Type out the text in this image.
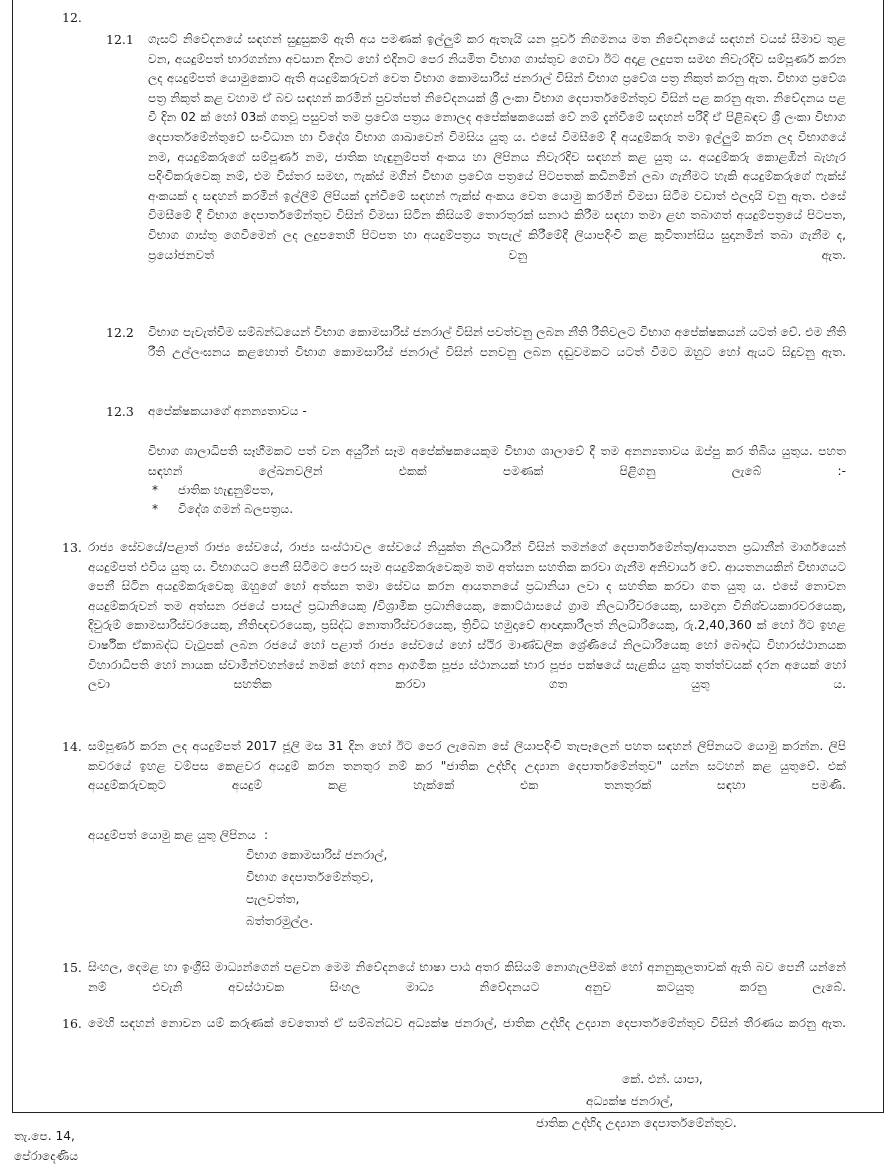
12.
12.1 ගැසට් නිවේදනයේ සඳහන් සුදුසුකම් ඇති අය පමණක් ඉල්ලුම් කර ඇතැයි යන පූර්ව නිගමනය මත නිවේදනයේ සඳහන් වයස් සීමාව තුළ වන, අයදුම්පත් භාරගන්නා අවසාන දිනට හෝ එදිනට පෙර නියමිත විභාග ගාස්තුව ගෙවා ඊට අදාළ ලදුපත සමඟ නිවැරදිව සම්පූර්ණ කරන ලද අයදුම්පත් යොමුකොට ඇති අයදුම්කරුවන් වෙත විභාග කොමසාරිස් ජනරාල් විසින් විභාග ප්‍රවේශ පත්‍ර නිකුත් කරනු ඇත. විභාග ප්‍රවේශ පත්‍ර නිකුත් කළ වහාම ඒ බව සඳහන් කරමින් පුවත්පත් නිවේදනයක් ශ්‍රී ලංකා විභාග දෙපාර්තමේන්තුව විසින් පළ කරනු ඇත. නිවේදනය පළ වී දින 02 ක් හෝ 03ක් ගතවූ පසුවත් තම ප්‍රවේශ පත්‍රය නොලද අපේක්ෂකයෙක් වේ නම් දැන්වීමේ සඳහන් පරිදි ඒ පිළිබඳව ශ්‍රී ලංකා විභාග දෙපාර්තමේන්තුවේ සංවිධාන හා විදේශ විභාග ශාඛාවෙන් විමසිය යුතු ය. එසේ විමසීමේ දී අයදුම්කරු තමා ඉල්ලුම් කරන ලද විභාගයේ නම, අයදුම්කරුගේ සම්පූර්ණ නම, ජාතික හැඳුනුම්පත් අංකය හා ලිපිනය නිවැරදිව සඳහන් කළ යුතු ය. අයදුම්කරු කොළඹින් බැහැර පදිංචිකරුවෙකු නම්, එම විස්තර සමඟ, ෆැක්ස් මගින් විභාග ප්‍රවේශ පත්‍රයේ පිටපතක් කඩිනමින් ලබා ගැනීමට හැකි අයදුම්කරුගේ ෆැක්ස් අංකයක් ද සඳහන් කරමින් ඉල්ලීම් ලිපියක් දැන්වීමේ සඳහන් ෆැක්ස් අංකය වෙත යොමු කරමින් විමසා සිටීම වඩාත් ඵලදායි වනු ඇත. එසේ විමසීමේ දී විභාග දෙපාර්තමේන්තුව විසින් විමසා සිටින කිසියම් තොරතුරක් සනාථ කිරීම සඳහා තමා ළඟ තබාගත් අයදුම්පත්‍රයේ පිටපත, විභාග ගාස්තු ගෙවීමෙන් ලද ලදුපතෙහි පිටපත හා අයදුම්පත්‍රය තැපැල් කිරීමේදී ලියාපදිංචි කළ කුවිතාන්සිය සුදානමින් තබා ගැනීම ද, ප්‍රයෝජනවත් වනු ඇත.
12.2 විභාග පැවැත්වීම සම්බන්ධයෙන් විභාග කොමසාරිස් ජනරාල් විසින් පවත්වනු ලබන නීති රීතිවලට විභාග අපේක්ෂකයන් යටත් වේ. එම නීති රීති උල්ලංඝනය කළහොත් විභාග කොමසාරිස් ජනරාල් විසින් පනවනු ලබන දඬුවමකට යටත් වීමට ඔහුට හෝ ඇයට සිදුවනු ඇත.
12.3 අපේක්ෂකයාගේ අනන්‍යතාවය -
විභාග ශාලාධිපති සෑහීමකට පත් වන අයුරින් සෑම අපේක්ෂකයෙකුම විභාග ශාලාවේ දී තම අනන්‍යතාවය ඔප්පු කර තිබිය යුතුය. පහත සඳහන් ලේඛනවලින් එකක් පමණක් පිළිගනු ලැබේ :-
* ජාතික හැඳුනුම්පත,
* විදේශ ගමන් බලපත්‍රය.
13. රාජ්‍ය සේවයේ/පළාත් රාජ්‍ය සේවයේ, රාජ්‍ය සංස්ථාවල සේවයේ නියුක්ත නිලධාරීන් විසින් තමන්ගේ දෙපාර්තමේන්තු/ආයතන ප්‍රධානීන් මාර්ගයෙන් අයදුම්පත් එවිය යුතු ය. විභාගයට පෙනී සිටීමට පෙර සෑම අයදුම්කරුවෙකුම තම අත්සන සහතික කරවා ගැනීම අනිවාර්ය වේ. ආයතනයකින් විභාගයට පෙනී සිටින අයදුම්කරුවෙකු ඔහුගේ හෝ අත්සන තමා සේවය කරන ආයතනයේ ප්‍රධානියා ලවා ද සහතික කරවා ගත යුතු ය. එසේ නොවන අයදුම්කරුවන් තම අත්සන රජයේ පාසල් ප්‍රධානියෙකු /විශ්‍රාමික ප්‍රධානියෙකු, කොට්ඨාසයේ ග්‍රාම නිලධාරිවරයෙකු, සාමදාන විනිශ්චයකාරවරයෙකු, දිවුරුම් කොමසාරිස්වරයෙකු, නීතිඥවරයෙකු, ප්‍රසිද්ධ නොතාරිස්වරයෙකු, ත්‍රිවිධ හමුදාවේ ආඥාකාරීලත් නිලධාරියෙකු, රු.2,40,360 ක් හෝ ඊට ඉහළ වාර්ෂික ඒකාබද්ධ වැටුපක් ලබන රජයේ හෝ පළාත් රාජ්‍ය සේවයේ හෝ ස්ථිර මාණ්ඩලික ශ්‍රේණියේ නිලධාරියෙකු හෝ බෞද්ධ විහාරස්ථානයක විහාරාධිපති හෝ නායක ස්වාමීන්වහන්සේ නමක් හෝ අන්‍ය ආගමික පූජ්‍ය ස්ථානයක් භාර පූජ්‍ය පක්ෂයේ සැළකිය යුතු තත්ත්වයක් දරන අයෙක් හෝ ලවා සහතික කරවා ගත යුතු ය.
14. සම්පූර්ණ කරන ලද අයදුම්පත් 2017 ජූලි මස 31 දින හෝ ඊට පෙර ලැබෙන සේ ලියාපදිංචි තැපෑලෙන් පහත සඳහන් ලිපිනයට යොමු කරන්න. ලිපි කවරයේ ඉහළ වම්පස කෙළවර අයදුම් කරන තනතුර නම් කර "ජාතික උද්භිද උද්‍යාන දෙපාර්තමේන්තුව" යන්න සටහන් කළ යුතුවේ. එක් අයදුම්කරුවකුට අයදුම් කළ හැක්කේ එක තනතුරක් සඳහා පමණි.
අයදුම්පත් යොමු කළ යුතු ලිපිනය :
විභාග කොමසාරිස් ජනරාල්,
විභාග දෙපාර්තමේන්තුව,
පැලවත්ත,
බත්තරමුල්ල.
15. සිංහල, දෙමළ හා ඉංග්‍රීසි මාධ්‍යන්ගෙන් පළවන මෙම නිවේදනයේ භාෂා පාඨ අතර කිසියම් නොගැලපීමක් හෝ අනනුකූලතාවක් ඇති බව පෙනී යන්නේ නම් එවැනි අවස්ථාවක සිංහල මාධ්‍ය නිවේදනයට අනුව කටයුතු කරනු ලැබේ.
16. මෙහි සඳහන් නොවන යම් කරුණක් වෙතොත් ඒ සම්බන්ධව අධ්‍යක්ෂ ජනරාල්, ජාතික උද්භිද උද්‍යාන දෙපාර්තමේන්තුව විසින් තීරණය කරනු ඇත.
කේ. එන්. යාපා,
අධ්‍යක්ෂ ජනරාල්,
ජාතික උද්භිද උද්‍යාන දෙපාර්තමේන්තුව.
තැ.පෙ. 14,
පේරාදෙණිය
